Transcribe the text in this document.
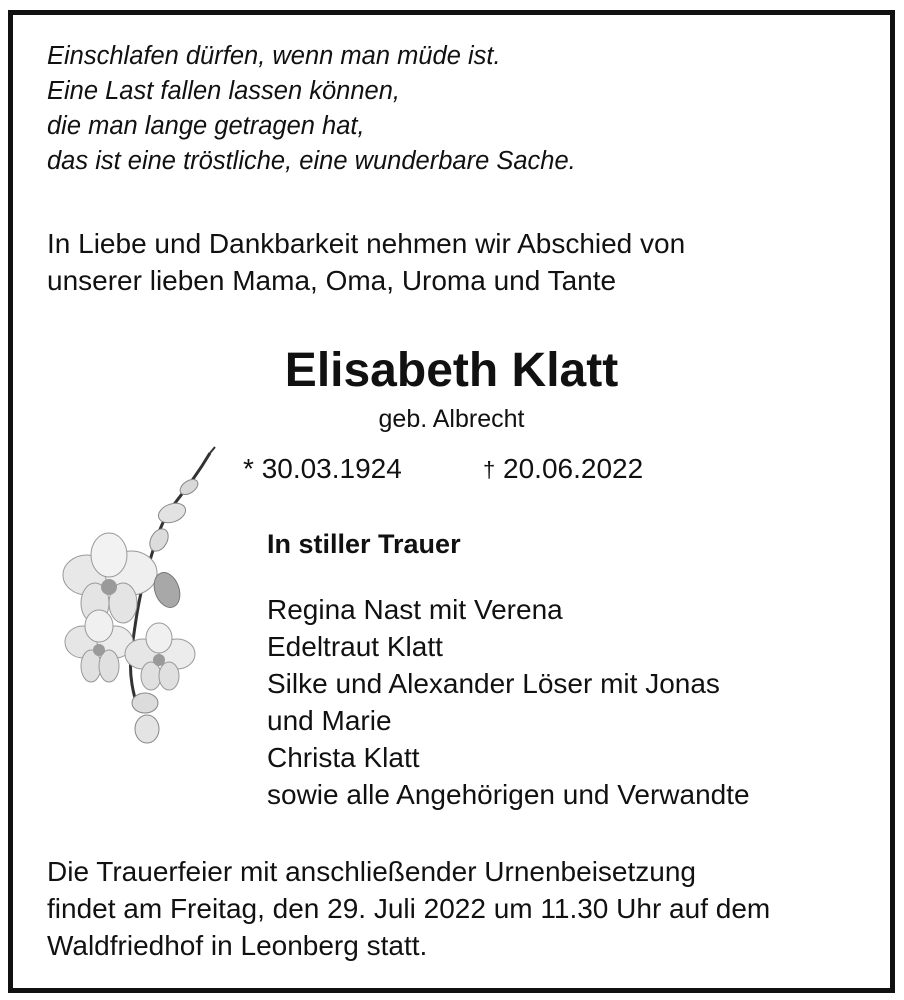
Einschlafen dürfen, wenn man müde ist.
Eine Last fallen lassen können,
die man lange getragen hat,
das ist eine tröstliche, eine wunderbare Sache.
In Liebe und Dankbarkeit nehmen wir Abschied von
unserer lieben Mama, Oma, Uroma und Tante
Elisabeth Klatt
geb. Albrecht
* 30.03.1924	† 20.06.2022
In stiller Trauer
Regina Nast mit Verena
Edeltraut Klatt
Silke und Alexander Löser mit Jonas
und Marie
Christa Klatt
sowie alle Angehörigen und Verwandte
Die Trauerfeier mit anschließender Urnenbeisetzung
findet am Freitag, den 29. Juli 2022 um 11.30 Uhr auf dem
Waldfriedhof in Leonberg statt.
